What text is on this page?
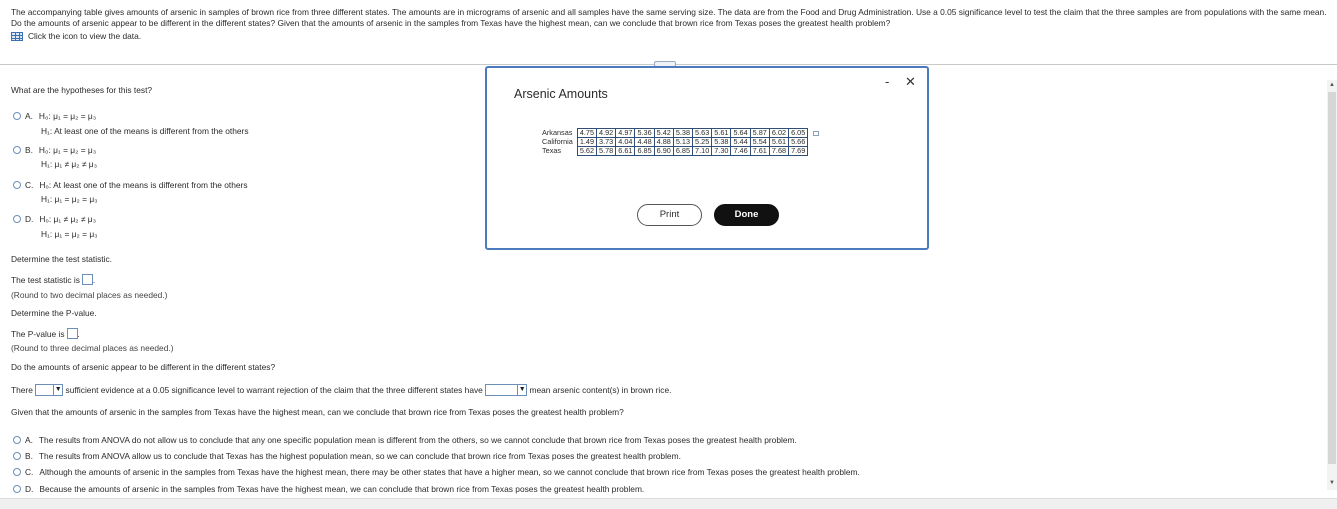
The accompanying table gives amounts of arsenic in samples of brown rice from three different states. The amounts are in micrograms of arsenic and all samples have the same serving size. The data are from the Food and Drug Administration. Use a 0.05 significance level to test the claim that the three samples are from populations with the same mean. Do the amounts of arsenic appear to be different in the different states? Given that the amounts of arsenic in the samples from Texas have the highest mean, can we conclude that brown rice from Texas poses the greatest health problem?
Click the icon to view the data.
What are the hypotheses for this test?
A. H₀: μ₁ = μ₂ = μ₃
H₁: At least one of the means is different from the others
B. H₀: μ₁ = μ₂ = μ₃
H₁: μ₁ ≠ μ₂ ≠ μ₃
C. H₀: At least one of the means is different from the others
H₁: μ₁ = μ₂ = μ₃
D. H₀: μ₁ ≠ μ₂ ≠ μ₃
H₁: μ₁ = μ₂ = μ₃
Determine the test statistic.
The test statistic is .
(Round to two decimal places as needed.)
Determine the P-value.
The P-value is .
(Round to three decimal places as needed.)
Do the amounts of arsenic appear to be different in the different states?
There	▼ sufficient evidence at a 0.05 significance level to warrant rejection of the claim that the three different states have	▼ mean arsenic content(s) in brown rice.
Given that the amounts of arsenic in the samples from Texas have the highest mean, can we conclude that brown rice from Texas poses the greatest health problem?
A. The results from ANOVA do not allow us to conclude that any one specific population mean is different from the others, so we cannot conclude that brown rice from Texas poses the greatest health problem.
B. The results from ANOVA allow us to conclude that Texas has the highest population mean, so we can conclude that brown rice from Texas poses the greatest health problem.
C. Although the amounts of arsenic in the samples from Texas have the highest mean, there may be other states that have a higher mean, so we cannot conclude that brown rice from Texas poses the greatest health problem.
D. Because the amounts of arsenic in the samples from Texas have the highest mean, we can conclude that brown rice from Texas poses the greatest health problem.
▲
▼
Arsenic Amounts
- ✕
Arkansas	4.75	4.92	4.97	5.36	5.42	5.38	5.63	5.61	5.64	5.87	6.02	6.05	
California	1.49	3.73	4.04	4.48	4.88	5.13	5.25	5.38	5.44	5.54	5.61	5.66	
Texas	5.62	5.78	6.61	6.85	6.90	6.85	7.10	7.30	7.46	7.61	7.68	7.69	
Print	Done
